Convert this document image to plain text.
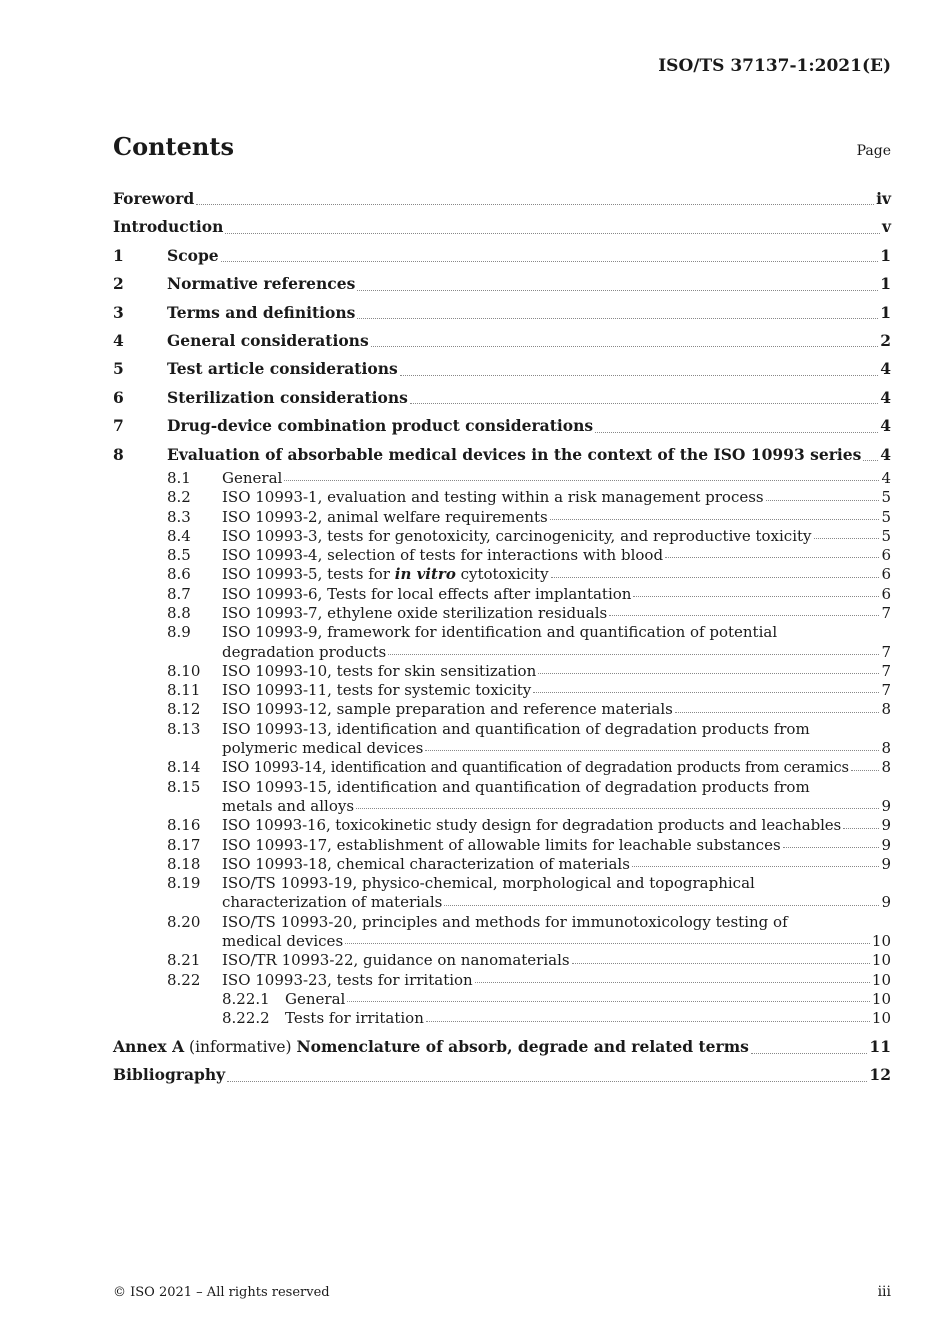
ISO/TS 37137-1:2021(E)
Contents	Page
Foreword	iv
Introduction	v
1	Scope	1
2	Normative references	1
3	Terms and definitions	1
4	General considerations	2
5	Test article considerations	4
6	Sterilization considerations	4
7	Drug-device combination product considerations	4
8	Evaluation of absorbable medical devices in the context of the ISO 10993 series 4
8.1	General	4
8.2	ISO 10993-1, evaluation and testing within a risk management process	5
8.3	ISO 10993-2, animal welfare requirements	5
8.4	ISO 10993-3, tests for genotoxicity, carcinogenicity, and reproductive toxicity	5
8.5	ISO 10993-4, selection of tests for interactions with blood	6
8.6	ISO 10993-5, tests for in vitro cytotoxicity	6
8.7	ISO 10993-6, Tests for local effects after implantation	6
8.8	ISO 10993-7, ethylene oxide sterilization residuals	7
8.9	ISO 10993-9, framework for identification and quantification of potential
degradation products	7
8.10	ISO 10993-10, tests for skin sensitization	7
8.11	ISO 10993-11, tests for systemic toxicity	7
8.12	ISO 10993-12, sample preparation and reference materials	8
8.13	ISO 10993-13, identification and quantification of degradation products from
polymeric medical devices	8
8.14	ISO 10993-14, identification and quantification of degradation products from ceramics 8
8.15	ISO 10993-15, identification and quantification of degradation products from
metals and alloys	9
8.16	ISO 10993-16, toxicokinetic study design for degradation products and leachables	9
8.17	ISO 10993-17, establishment of allowable limits for leachable substances	9
8.18	ISO 10993-18, chemical characterization of materials	9
8.19	ISO/TS 10993-19, physico-chemical, morphological and topographical
characterization of materials	9
8.20	ISO/TS 10993-20, principles and methods for immunotoxicology testing of
medical devices	10
8.21	ISO/TR 10993-22, guidance on nanomaterials	10
8.22	ISO 10993-23, tests for irritation	10
8.22.1	General	10
8.22.2	Tests for irritation	10
Annex A (informative) Nomenclature of absorb, degrade and related terms	11
Bibliography	12
© ISO 2021 – All rights reserved	iii
